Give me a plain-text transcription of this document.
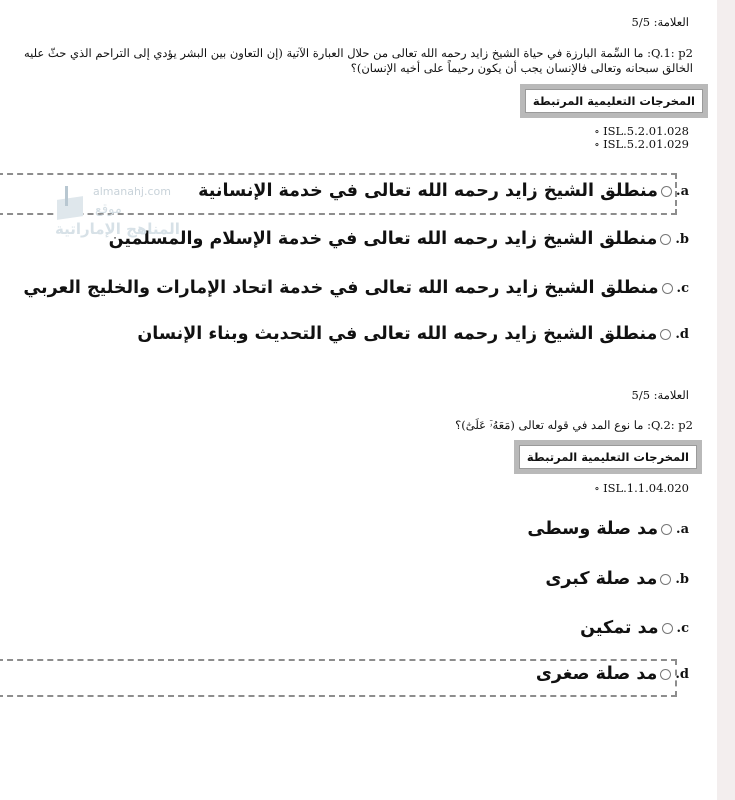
العلامة: 5/5
Q.1: p2: ما السِّمة البارزة في حياة الشيخ زايد رحمه الله تعالى من حلال العبارة الآتية (إن التعاون بين البشر يؤدي إلى التراحم الذي حثّ عليه الخالق سبحانه وتعالى فالإنسان يجب أن يكون رحيماً على أخيه الإنسان)؟
المخرجات التعليمية المرتبطة
ISL.5.2.01.028 ∘
ISL.5.2.01.029 ∘
a.
منطلق الشيخ زايد رحمه الله تعالى في خدمة الإنسانية
b.
منطلق الشيخ زايد رحمه الله تعالى في خدمة الإسلام والمسلمين
c.
منطلق الشيخ زايد رحمه الله تعالى في خدمة اتحاد الإمارات والخليج العربي
d.
منطلق الشيخ زايد رحمه الله تعالى في التحديث وبناء الإنسان
almanahj.com
موقع
المناهج الإماراتية
العلامة: 5/5
Q.2: p2: ما نوع المد في قوله تعالى (مَعَهُۥٓ عَلَىٰٓ)؟
المخرجات التعليمية المرتبطة
ISL.1.1.04.020 ∘
a.
مد صلة وسطى
b.
مد صلة كبرى
c.
مد تمكين
d.
مد صلة صغرى
